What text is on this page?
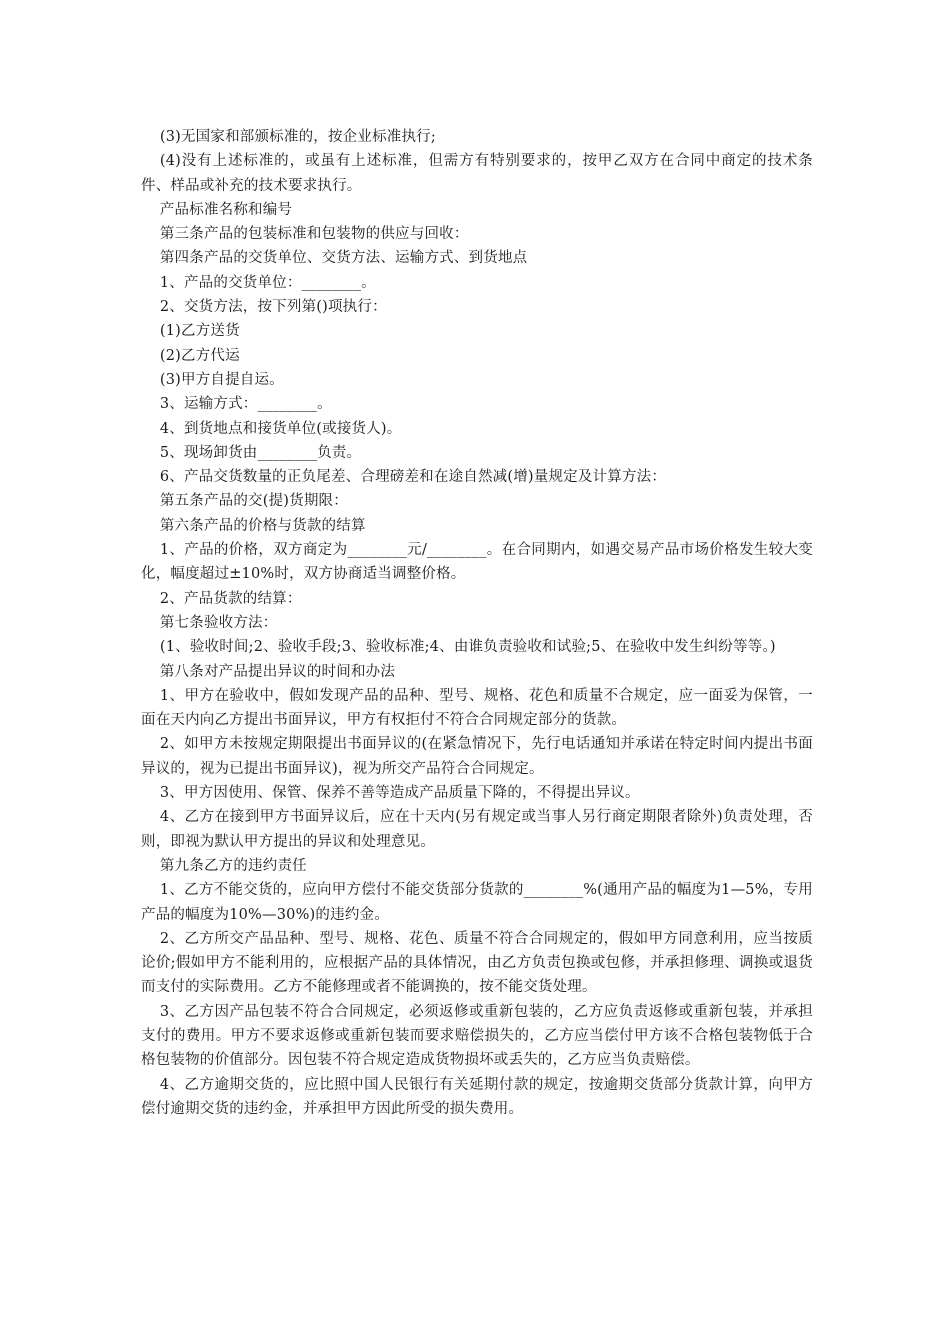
(3)无国家和部颁标准的，按企业标准执行;

(4)没有上述标准的，或虽有上述标准，但需方有特别要求的，按甲乙双方在合同中商定的技术条件、样品或补充的技术要求执行。

产品标准名称和编号

第三条产品的包装标准和包装物的供应与回收：

第四条产品的交货单位、交货方法、运输方式、到货地点

1、产品的交货单位：________。

2、交货方法，按下列第()项执行：

(1)乙方送货

(2)乙方代运

(3)甲方自提自运。

3、运输方式：________。

4、到货地点和接货单位(或接货人)。

5、现场卸货由________负责。

6、产品交货数量的正负尾差、合理磅差和在途自然减(增)量规定及计算方法：

第五条产品的交(提)货期限：

第六条产品的价格与货款的结算

1、产品的价格，双方商定为________元/________。在合同期内，如遇交易产品市场价格发生较大变化，幅度超过±10%时，双方协商适当调整价格。

2、产品货款的结算：

第七条验收方法：

(1、验收时间;2、验收手段;3、验收标准;4、由谁负责验收和试验;5、在验收中发生纠纷等等。)

第八条对产品提出异议的时间和办法

1、甲方在验收中，假如发现产品的品种、型号、规格、花色和质量不合规定，应一面妥为保管，一面在天内向乙方提出书面异议，甲方有权拒付不符合合同规定部分的货款。

2、如甲方未按规定期限提出书面异议的(在紧急情况下，先行电话通知并承诺在特定时间内提出书面异议的，视为已提出书面异议)，视为所交产品符合合同规定。

3、甲方因使用、保管、保养不善等造成产品质量下降的，不得提出异议。

4、乙方在接到甲方书面异议后，应在十天内(另有规定或当事人另行商定期限者除外)负责处理，否则，即视为默认甲方提出的异议和处理意见。

第九条乙方的违约责任

1、乙方不能交货的，应向甲方偿付不能交货部分货款的________%(通用产品的幅度为1—5%，专用产品的幅度为10%—30%)的违约金。

2、乙方所交产品品种、型号、规格、花色、质量不符合合同规定的，假如甲方同意利用，应当按质论价;假如甲方不能利用的，应根据产品的具体情况，由乙方负责包换或包修，并承担修理、调换或退货而支付的实际费用。乙方不能修理或者不能调换的，按不能交货处理。

3、乙方因产品包装不符合合同规定，必须返修或重新包装的，乙方应负责返修或重新包装，并承担支付的费用。甲方不要求返修或重新包装而要求赔偿损失的，乙方应当偿付甲方该不合格包装物低于合格包装物的价值部分。因包装不符合规定造成货物损坏或丢失的，乙方应当负责赔偿。

4、乙方逾期交货的，应比照中国人民银行有关延期付款的规定，按逾期交货部分货款计算，向甲方偿付逾期交货的违约金，并承担甲方因此所受的损失费用。
